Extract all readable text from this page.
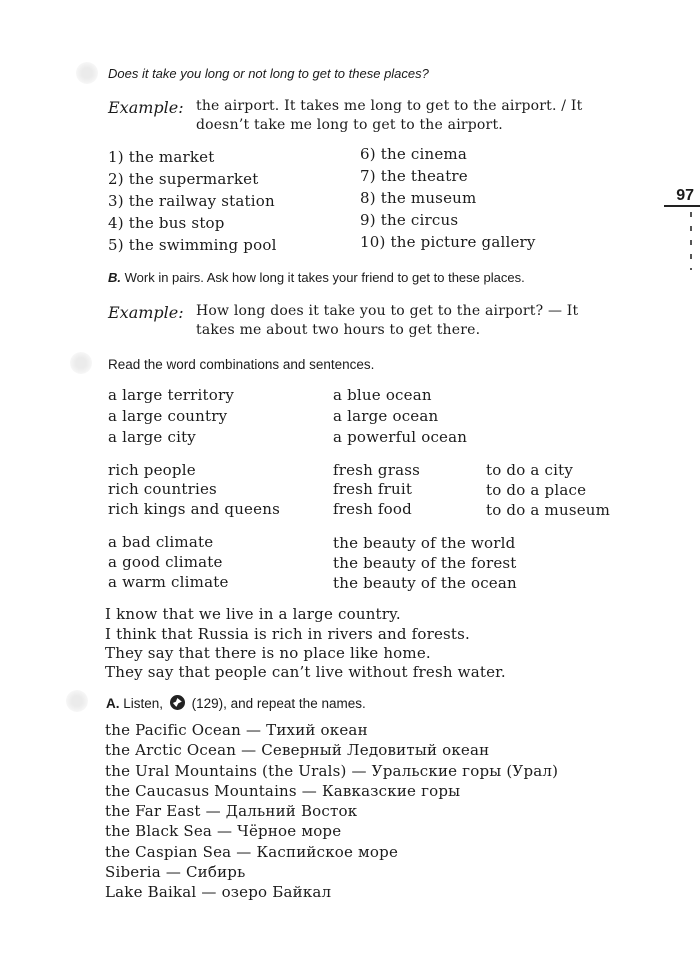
97
Does it take you long or not long to get to these places?
Example: the airport. It takes me long to get to the airport. / It
doesn’t take me long to get to the airport.
1) the market
2) the supermarket
3) the railway station
4) the bus stop
5) the swimming pool
6) the cinema
7) the theatre
8) the museum
9) the circus
10) the picture gallery
B. Work in pairs. Ask how long it takes your friend to get to these places.
Example: How long does it take you to get to the airport? — It
takes me about two hours to get there.
Read the word combinations and sentences.
a large territory
a large country
a large city
a blue ocean
a large ocean
a powerful ocean
rich people
rich countries
rich kings and queens
fresh grass
fresh fruit
fresh food
to do a city
to do a place
to do a museum
a bad climate
a good climate
a warm climate
the beauty of the world
the beauty of the forest
the beauty of the ocean
I know that we live in a large country.
I think that Russia is rich in rivers and forests.
They say that there is no place like home.
They say that people can’t live without fresh water.
A. Listen, (129), and repeat the names.
the Pacific Ocean — Тихий океан
the Arctic Ocean — Северный Ледовитый океан
the Ural Mountains (the Urals) — Уральские горы (Урал)
the Caucasus Mountains — Кавказские горы
the Far East — Дальний Восток
the Black Sea — Чёрное море
the Caspian Sea — Каспийское море
Siberia — Сибирь
Lake Baikal — озеро Байкал
